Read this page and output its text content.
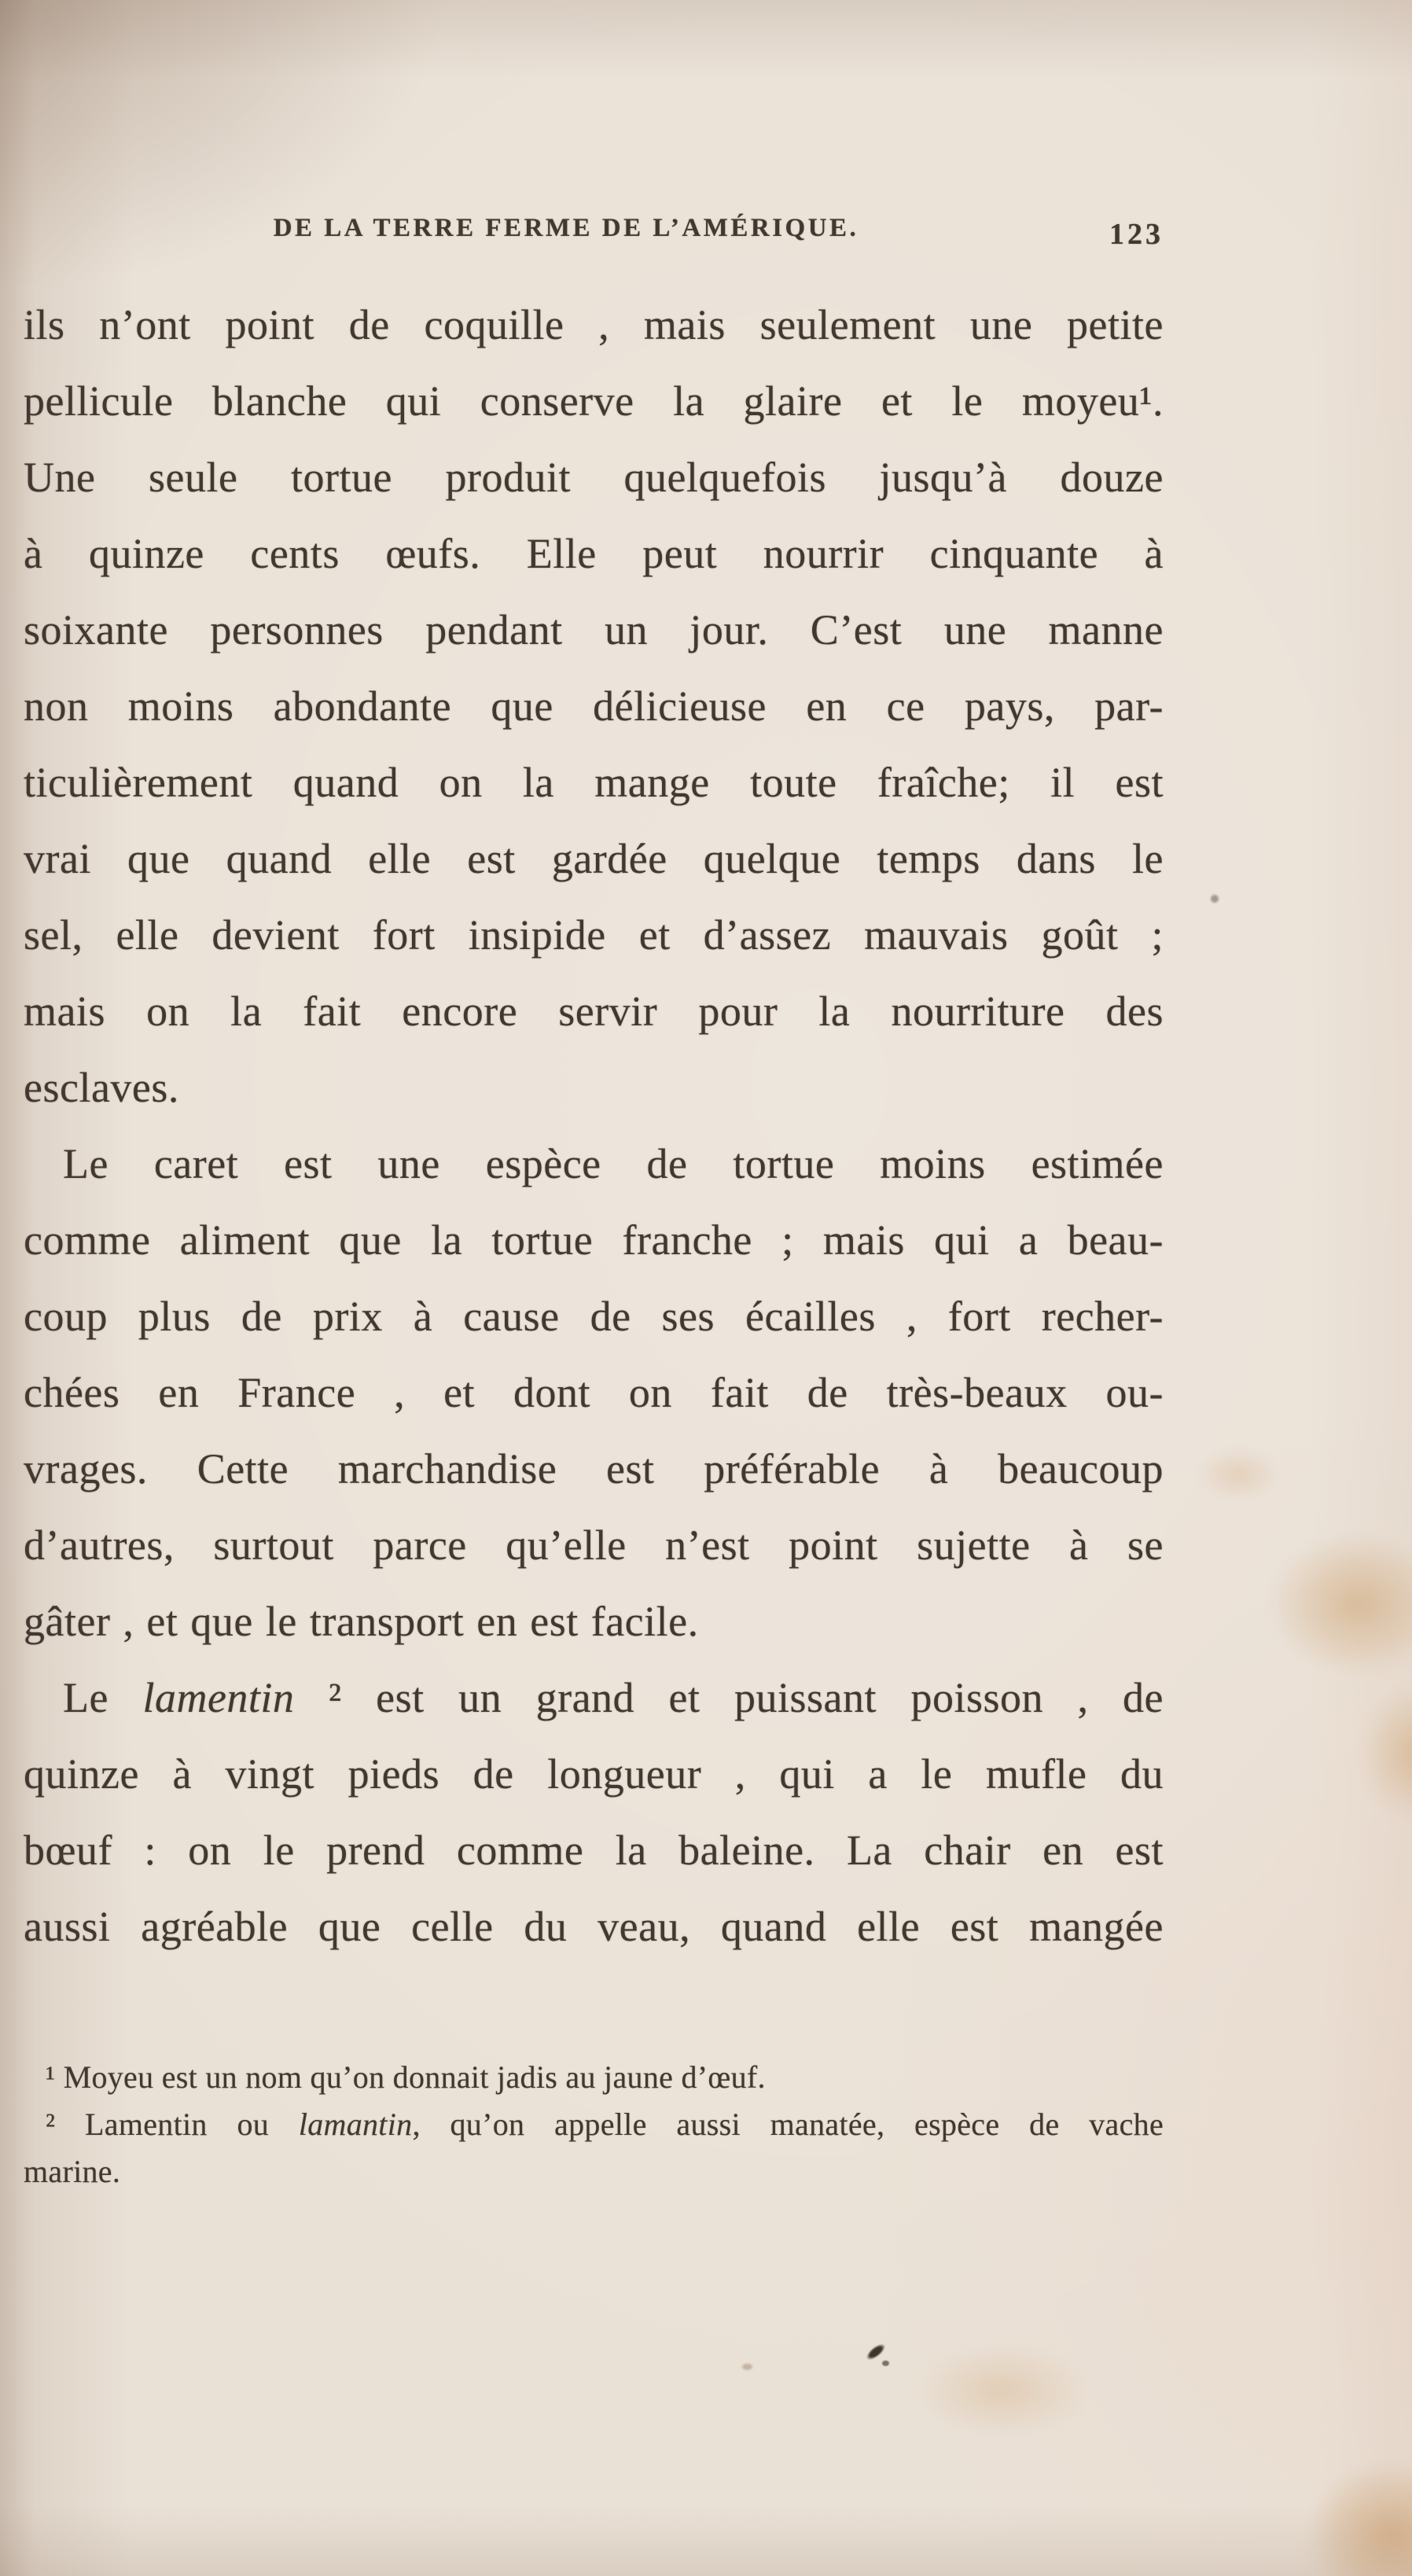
DE LA TERRE FERME DE L’AMÉRIQUE.	123
ils n’ont point de coquille , mais seulement une petite
pellicule blanche qui conserve la glaire et le moyeu¹.
Une seule tortue produit quelquefois jusqu’à douze
à quinze cents œufs. Elle peut nourrir cinquante à
soixante personnes pendant un jour. C’est une manne
non moins abondante que délicieuse en ce pays, par-
ticulièrement quand on la mange toute fraîche; il est
vrai que quand elle est gardée quelque temps dans le
sel, elle devient fort insipide et d’assez mauvais goût ;
mais on la fait encore servir pour la nourriture des
esclaves.
Le caret est une espèce de tortue moins estimée
comme aliment que la tortue franche ; mais qui a beau-
coup plus de prix à cause de ses écailles , fort recher-
chées en France , et dont on fait de très-beaux ou-
vrages. Cette marchandise est préférable à beaucoup
d’autres, surtout parce qu’elle n’est point sujette à se
gâter , et que le transport en est facile.
Le lamentin ² est un grand et puissant poisson , de
quinze à vingt pieds de longueur , qui a le mufle du
bœuf : on le prend comme la baleine. La chair en est
aussi agréable que celle du veau, quand elle est mangée
¹ Moyeu est un nom qu’on donnait jadis au jaune d’œuf.
² Lamentin ou lamantin, qu’on appelle aussi manatée, espèce de vache
marine.
